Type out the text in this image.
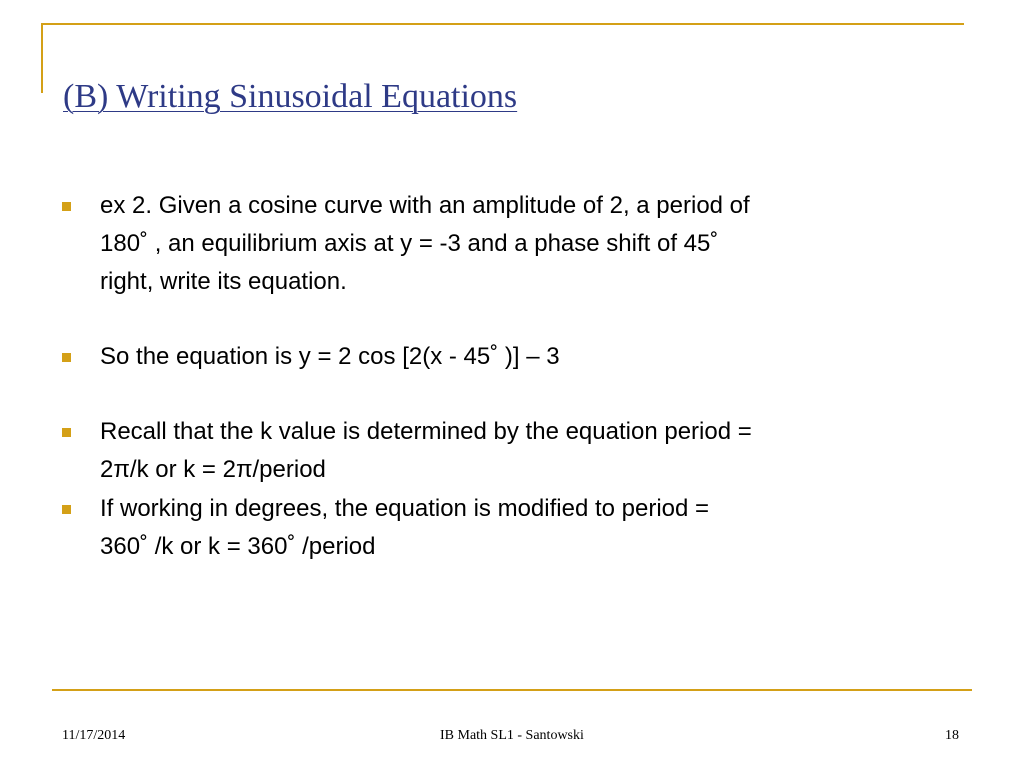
(B) Writing Sinusoidal Equations
ex 2. Given a cosine curve with an amplitude of 2, a period of
180˚ , an equilibrium axis at y = -3 and a phase shift of 45˚
right, write its equation.
So the equation is y = 2 cos [2(x - 45˚ )] – 3
Recall that the k value is determined by the equation period =
2π/k or k = 2π/period
If working in degrees, the equation is modified to period =
360˚ /k or k = 360˚ /period
11/17/2014	IB Math SL1 - Santowski	18
